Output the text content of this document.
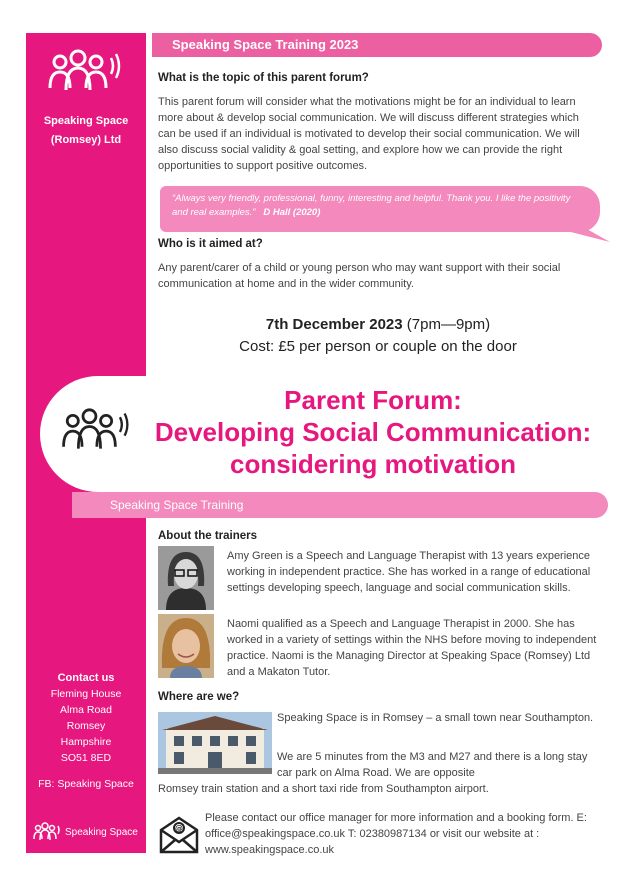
Speaking Space
(Romsey) Ltd
Speaking Space Training 2023
What is the topic of this parent forum?
This parent forum will consider what the motivations might be for an individual to learn more about & develop social communication. We will discuss different strategies which can be used if an individual is motivated to develop their social communication. We will also discuss social validity & goal setting, and explore how we can provide the right opportunities to support positive outcomes.
“Always very friendly, professional, funny, interesting and helpful. Thank you. I like the positivity and real examples.” D Hall (2020)
Who is it aimed at?
Any parent/carer of a child or young person who may want support with their social communication at home and in the wider community.
7th December 2023 (7pm—9pm)
Cost: £5 per person or couple on the door
Parent Forum:
Developing Social Communication:
considering motivation
Speaking Space Training
About the trainers
Amy Green is a Speech and Language Therapist with 13 years experience working in independent practice. She has worked in a range of educational settings developing speech, language and social communication skills.
Naomi qualified as a Speech and Language Therapist in 2000. She has worked in a variety of settings within the NHS before moving to independent practice. Naomi is the Managing Director at Speaking Space (Romsey) Ltd and a Makaton Tutor.
Where are we?
Speaking Space is in Romsey – a small town near Southampton.
We are 5 minutes from the M3 and M27 and there is a long stay car park on Alma Road. We are opposite
Romsey train station and a short taxi ride from Southampton airport.
Contact us
Fleming House
Alma Road
Romsey
Hampshire
SO51 8ED
FB: Speaking Space
Speaking Space	@
Please contact our office manager for more information and a booking form. E: office@speakingspace.co.uk T: 02380987134 or visit our website at : www.speakingspace.co.uk
